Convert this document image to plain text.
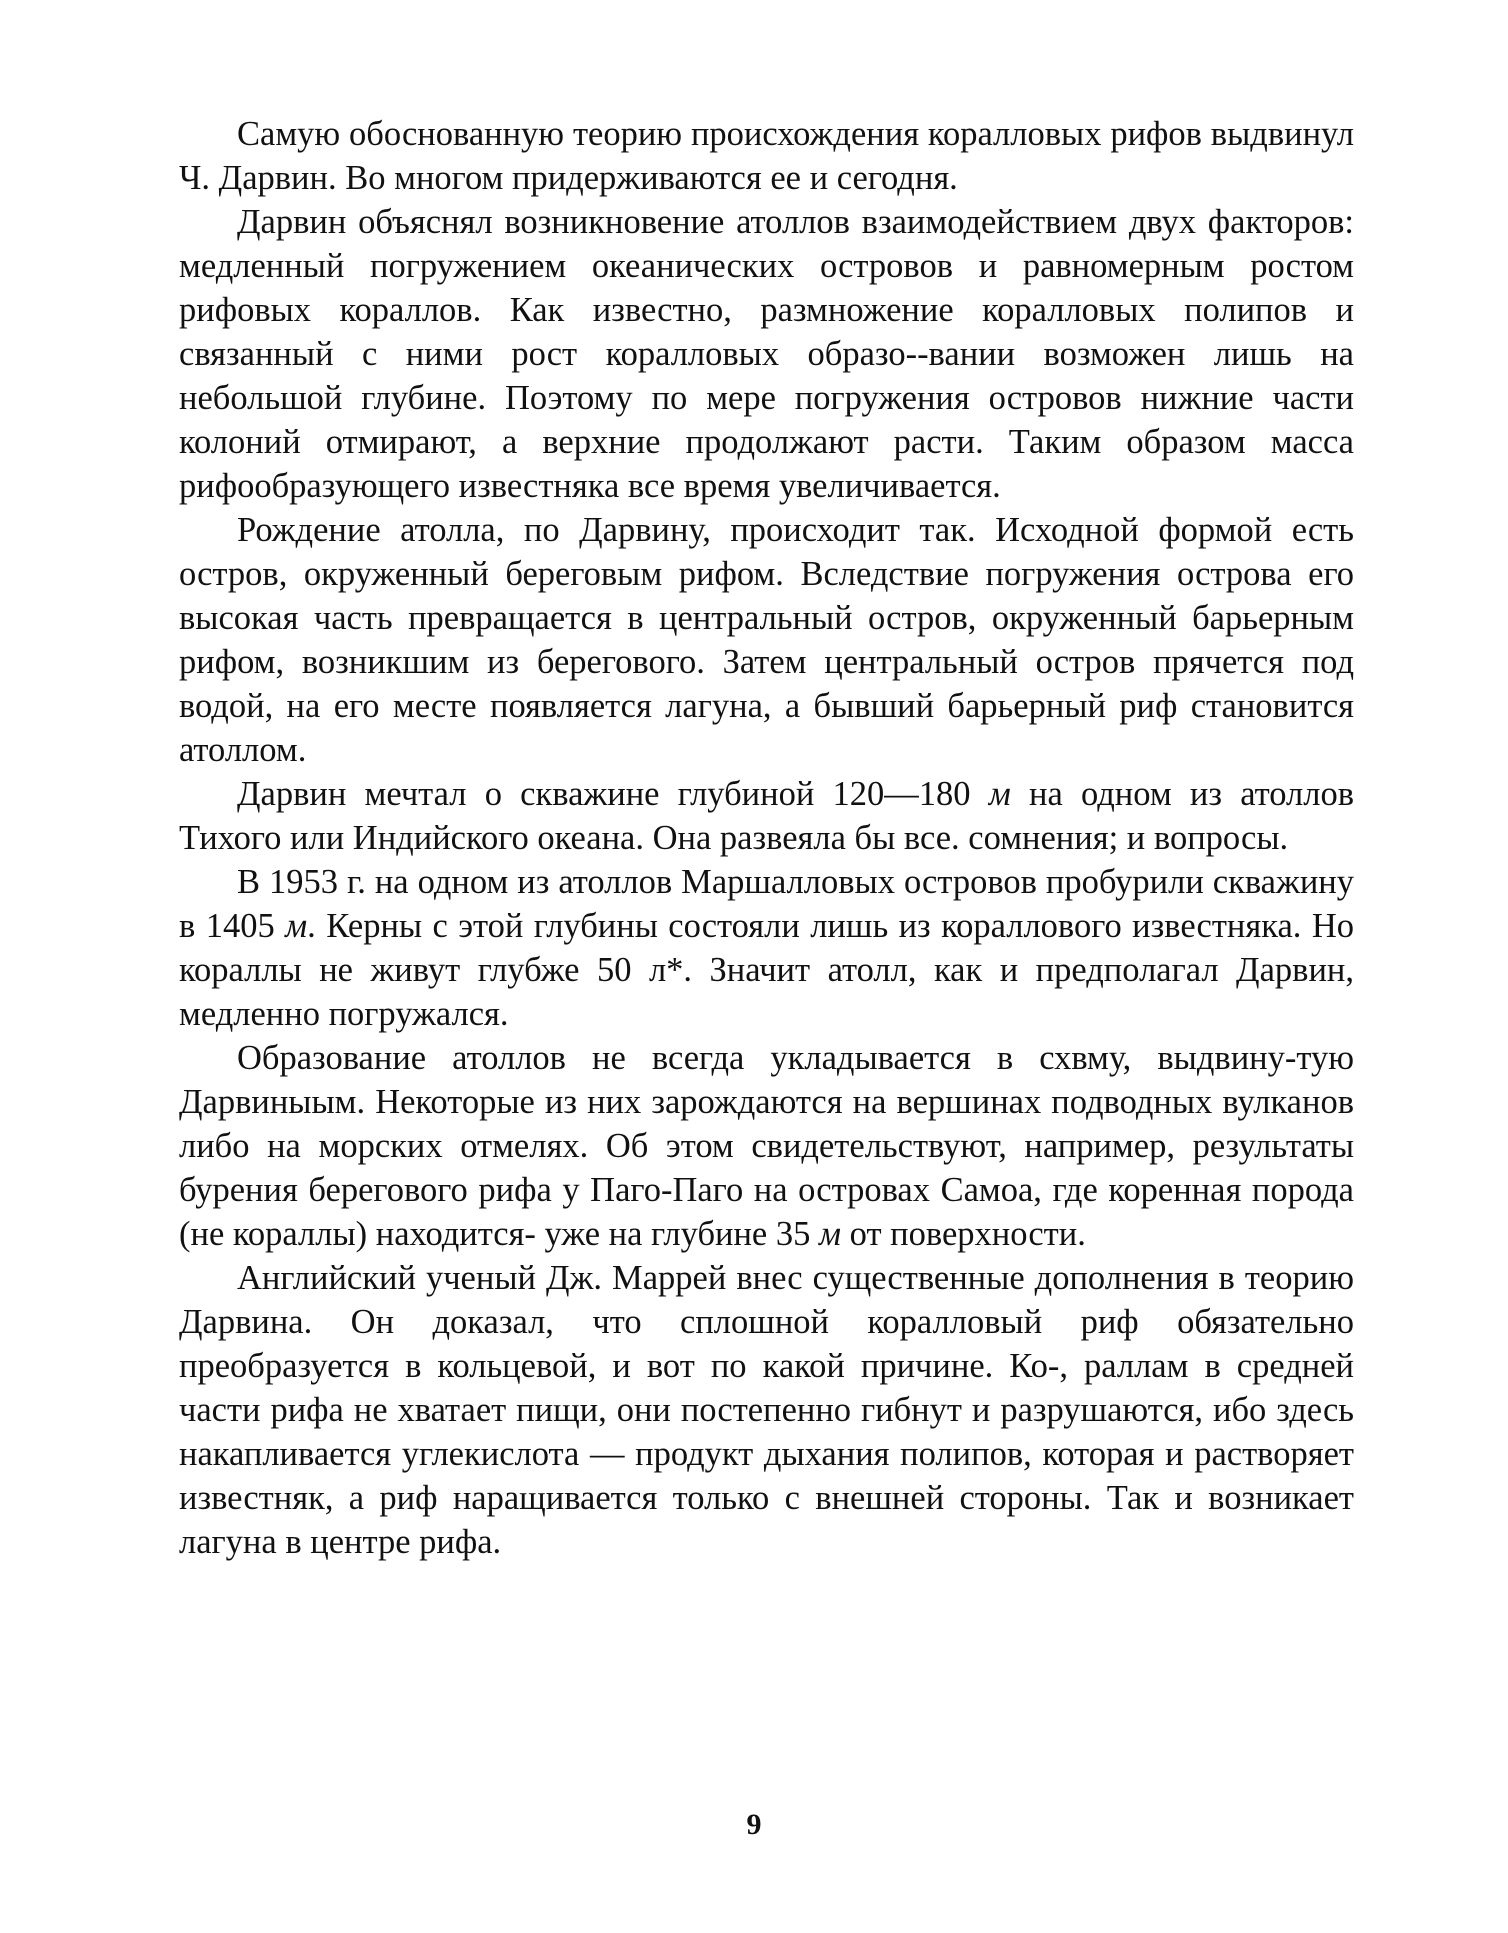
Самую обоснованную теорию происхождения коралловых рифов выдвинул Ч. Дарвин. Во многом придерживаются ее и сегодня.

Дарвин объяснял возникновение атоллов взаимодействием двух факторов: медленный погружением океанических островов и равномерным ростом рифовых кораллов. Как известно, размножение коралловых полипов и связанный с ними рост коралловых образо--вании возможен лишь на небольшой глубине. Поэтому по мере погружения островов нижние части колоний отмирают, а верхние продолжают расти. Таким образом масса рифообразующего известняка все время увеличивается.

Рождение атолла, по Дарвину, происходит так. Исходной формой есть остров, окруженный береговым рифом. Вследствие погружения острова его высокая часть превращается в центральный остров, окруженный барьерным рифом, возникшим из берегового. Затем центральный остров прячется под водой, на его месте появляется лагуна, а бывший барьерный риф становится атоллом.

Дарвин мечтал о скважине глубиной 120—180 м на одном из атоллов Тихого или Индийского океана. Она развеяла бы все. сомнения; и вопросы.

В 1953 г. на одном из атоллов Маршалловых островов пробурили скважину в 1405 м. Керны с этой глубины состояли лишь из кораллового известняка. Но кораллы не живут глубже 50 л*. Значит атолл, как и предполагал Дарвин, медленно погружался.

Образование атоллов не всегда укладывается в схвму, выдвину-тую Дарвиныым. Некоторые из них зарождаются на вершинах подводных вулканов либо на морских отмелях. Об этом свидетельствуют, например, результаты бурения берегового рифа у Паго-Паго на островах Самоа, где коренная порода (не кораллы) находится- уже на глубине 35 м от поверхности.

Английский ученый Дж. Маррей внес существенные дополнения в теорию Дарвина. Он доказал, что сплошной коралловый риф обязательно преобразуется в кольцевой, и вот по какой причине. Ко-, раллам в средней части рифа не хватает пищи, они постепенно гибнут и разрушаются, ибо здесь накапливается углекислота — продукт дыхания полипов, которая и растворяет известняк, а риф наращивается только с внешней стороны. Так и возникает лагуна в центре рифа.

9
